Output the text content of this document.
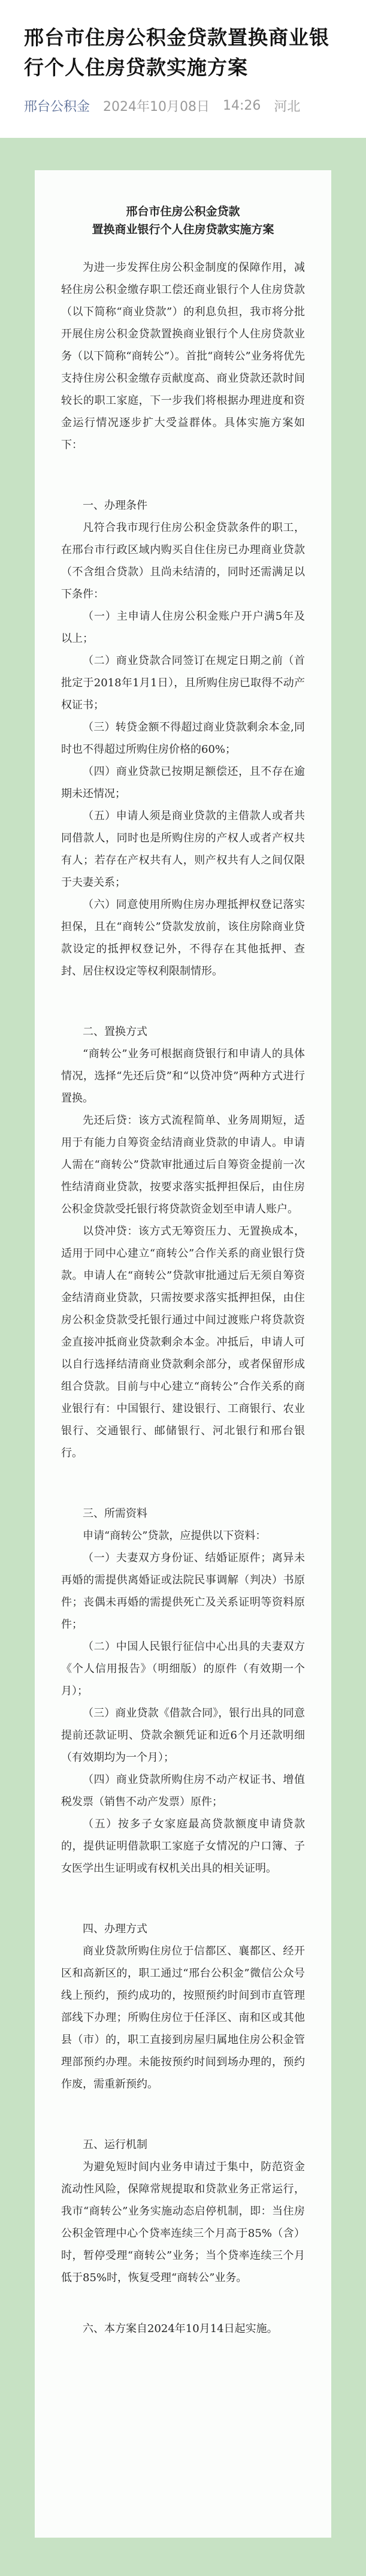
邢台市住房公积金贷款置换商业银行个人住房贷款实施方案
邢台公积金 2024年10月08日 14:26 河北

邢台市住房公积金贷款

置换商业银行个人住房贷款实施方案

为进一步发挥住房公积金制度的保障作用，减轻住房公积金缴存职工偿还商业银行个人住房贷款（以下简称“商业贷款”）的利息负担，我市将分批开展住房公积金贷款置换商业银行个人住房贷款业务（以下简称“商转公”）。首批“商转公”业务将优先支持住房公积金缴存贡献度高、商业贷款还款时间较长的职工家庭，下一步我们将根据办理进度和资金运行情况逐步扩大受益群体。具体实施方案如下：

一、办理条件

凡符合我市现行住房公积金贷款条件的职工，在邢台市行政区域内购买自住住房已办理商业贷款（不含组合贷款）且尚未结清的，同时还需满足以下条件：

（一）主申请人住房公积金账户开户满5年及以上；

（二）商业贷款合同签订在规定日期之前（首批定于2018年1月1日），且所购住房已取得不动产权证书；

（三）转贷金额不得超过商业贷款剩余本金,同时也不得超过所购住房价格的60%；

（四）商业贷款已按期足额偿还，且不存在逾期未还情况；

（五）申请人须是商业贷款的主借款人或者共同借款人，同时也是所购住房的产权人或者产权共有人；若存在产权共有人，则产权共有人之间仅限于夫妻关系；

（六）同意使用所购住房办理抵押权登记落实担保，且在“商转公”贷款发放前，该住房除商业贷款设定的抵押权登记外，不得存在其他抵押、查封、居住权设定等权利限制情形。

二、置换方式

“商转公”业务可根据商贷银行和申请人的具体情况，选择“先还后贷”和“以贷冲贷”两种方式进行置换。

先还后贷：该方式流程简单、业务周期短，适用于有能力自筹资金结清商业贷款的申请人。申请人需在“商转公”贷款审批通过后自筹资金提前一次性结清商业贷款，按要求落实抵押担保后，由住房公积金贷款受托银行将贷款资金划至申请人账户。

以贷冲贷：该方式无筹资压力、无置换成本，适用于同中心建立“商转公”合作关系的商业银行贷款。申请人在“商转公”贷款审批通过后无须自筹资金结清商业贷款，只需按要求落实抵押担保，由住房公积金贷款受托银行通过中间过渡账户将贷款资金直接冲抵商业贷款剩余本金。冲抵后，申请人可以自行选择结清商业贷款剩余部分，或者保留形成组合贷款。目前与中心建立“商转公”合作关系的商业银行有：中国银行、建设银行、工商银行、农业银行、交通银行、邮储银行、河北银行和邢台银行。

三、所需资料

申请“商转公”贷款，应提供以下资料：

（一）夫妻双方身份证、结婚证原件；离异未再婚的需提供离婚证或法院民事调解（判决）书原件；丧偶未再婚的需提供死亡及关系证明等资料原件；

（二）中国人民银行征信中心出具的夫妻双方《个人信用报告》（明细版）的原件（有效期一个月）；

（三）商业贷款《借款合同》，银行出具的同意提前还款证明、贷款余额凭证和近6个月还款明细（有效期均为一个月）；

（四）商业贷款所购住房不动产权证书、增值税发票（销售不动产发票）原件；

（五）按多子女家庭最高贷款额度申请贷款的，提供证明借款职工家庭子女情况的户口簿、子女医学出生证明或有权机关出具的相关证明。

四、办理方式

商业贷款所购住房位于信都区、襄都区、经开区和高新区的，职工通过“邢台公积金”微信公众号线上预约，预约成功的，按照预约时间到市直管理部线下办理；所购住房位于任泽区、南和区或其他县（市）的，职工直接到房屋归属地住房公积金管理部预约办理。未能按预约时间到场办理的，预约作废，需重新预约。

五、运行机制

为避免短时间内业务申请过于集中，防范资金流动性风险，保障常规提取和贷款业务正常运行，我市“商转公”业务实施动态启停机制，即：当住房公积金管理中心个贷率连续三个月高于85%（含）时，暂停受理“商转公”业务；当个贷率连续三个月低于85%时，恢复受理“商转公”业务。

六、本方案自2024年10月14日起实施。
